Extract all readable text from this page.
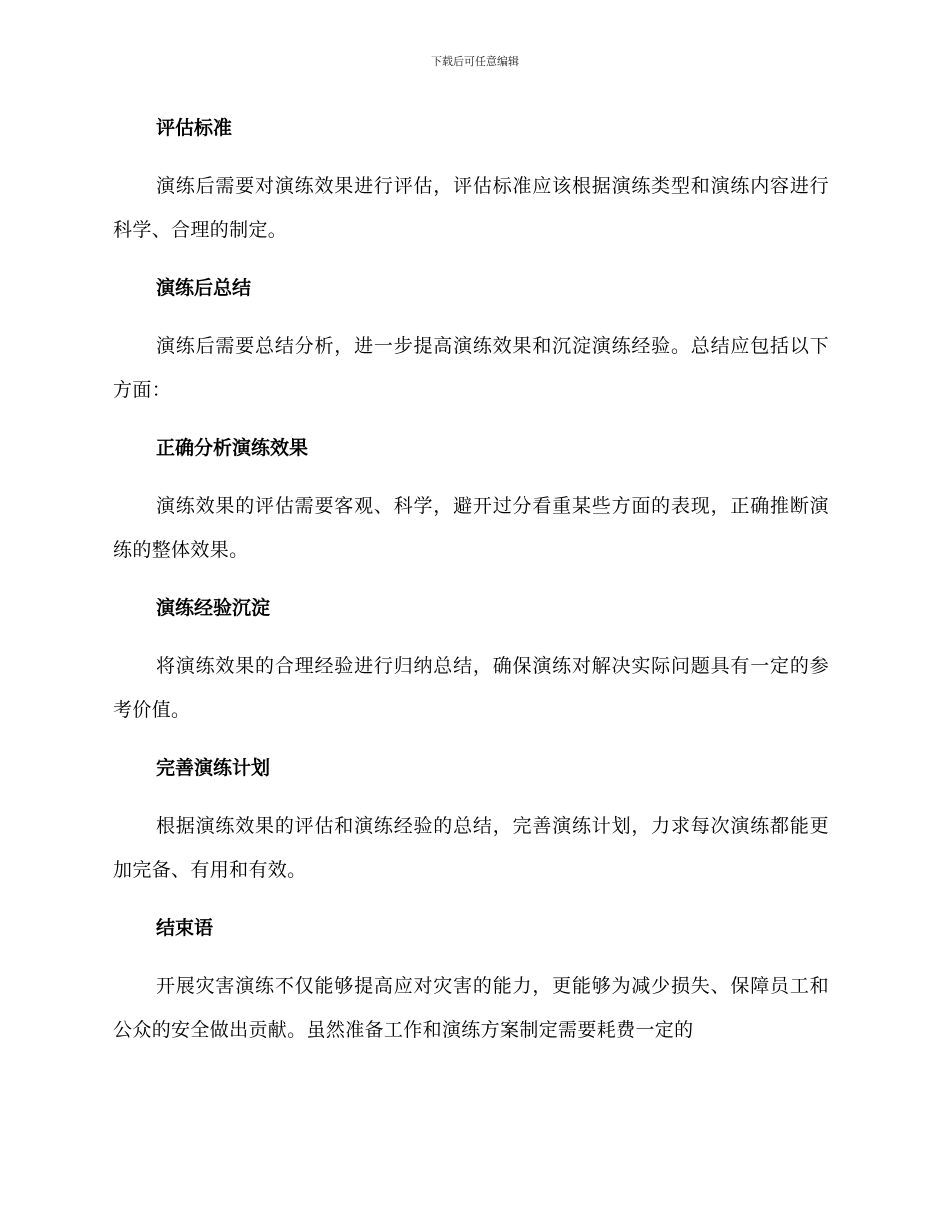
下载后可任意编辑
评估标准

演练后需要对演练效果进行评估，评估标准应该根据演练类型和演练内容进行科学、合理的制定。

演练后总结

演练后需要总结分析，进一步提高演练效果和沉淀演练经验。总结应包括以下方面：

正确分析演练效果

演练效果的评估需要客观、科学，避开过分看重某些方面的表现，正确推断演练的整体效果。

演练经验沉淀

将演练效果的合理经验进行归纳总结，确保演练对解决实际问题具有一定的参考价值。

完善演练计划

根据演练效果的评估和演练经验的总结，完善演练计划，力求每次演练都能更加完备、有用和有效。

结束语

开展灾害演练不仅能够提高应对灾害的能力，更能够为减少损失、保障员工和公众的安全做出贡献。虽然准备工作和演练方案制定需要耗费一定的
